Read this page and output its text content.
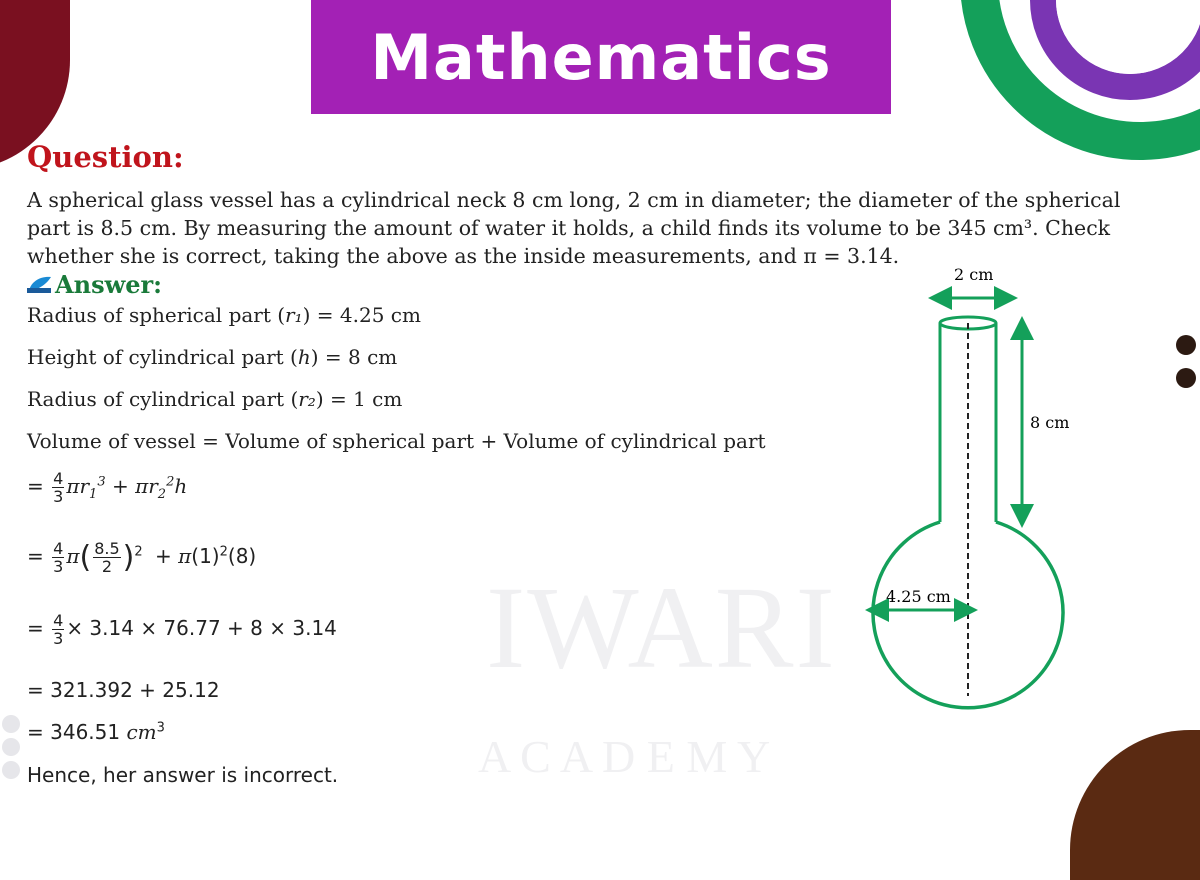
IWARI
A C A D E M Y
Mathematics
Question:
A spherical glass vessel has a cylindrical neck 8 cm long, 2 cm in diameter; the diameter of the spherical part is 8.5 cm. By measuring the amount of water it holds, a child finds its volume to be 345 cm³. Check whether she is correct, taking the above as the inside measurements, and π = 3.14.
Answer:
Radius of spherical part (r₁) = 4.25 cm
Height of cylindrical part (h) = 8 cm
Radius of cylindrical part (r₂) = 1 cm
Volume of vessel = Volume of spherical part + Volume of cylindrical part
= $\frac{4}{3} \pi r_1^3 + \pi r_2^2h$
= $\frac{4}{3} \pi( \frac{8.5}{2} )^2 + \pi(1)^2(8)$
= $\frac{4}{3} \times 3.14 \times 76.77 + 8 \times 3.14$
= 321.392 + 25.12
= 346.51 $cm^3$
Hence, her answer is incorrect.
2 cm
8 cm
4.25 cm
